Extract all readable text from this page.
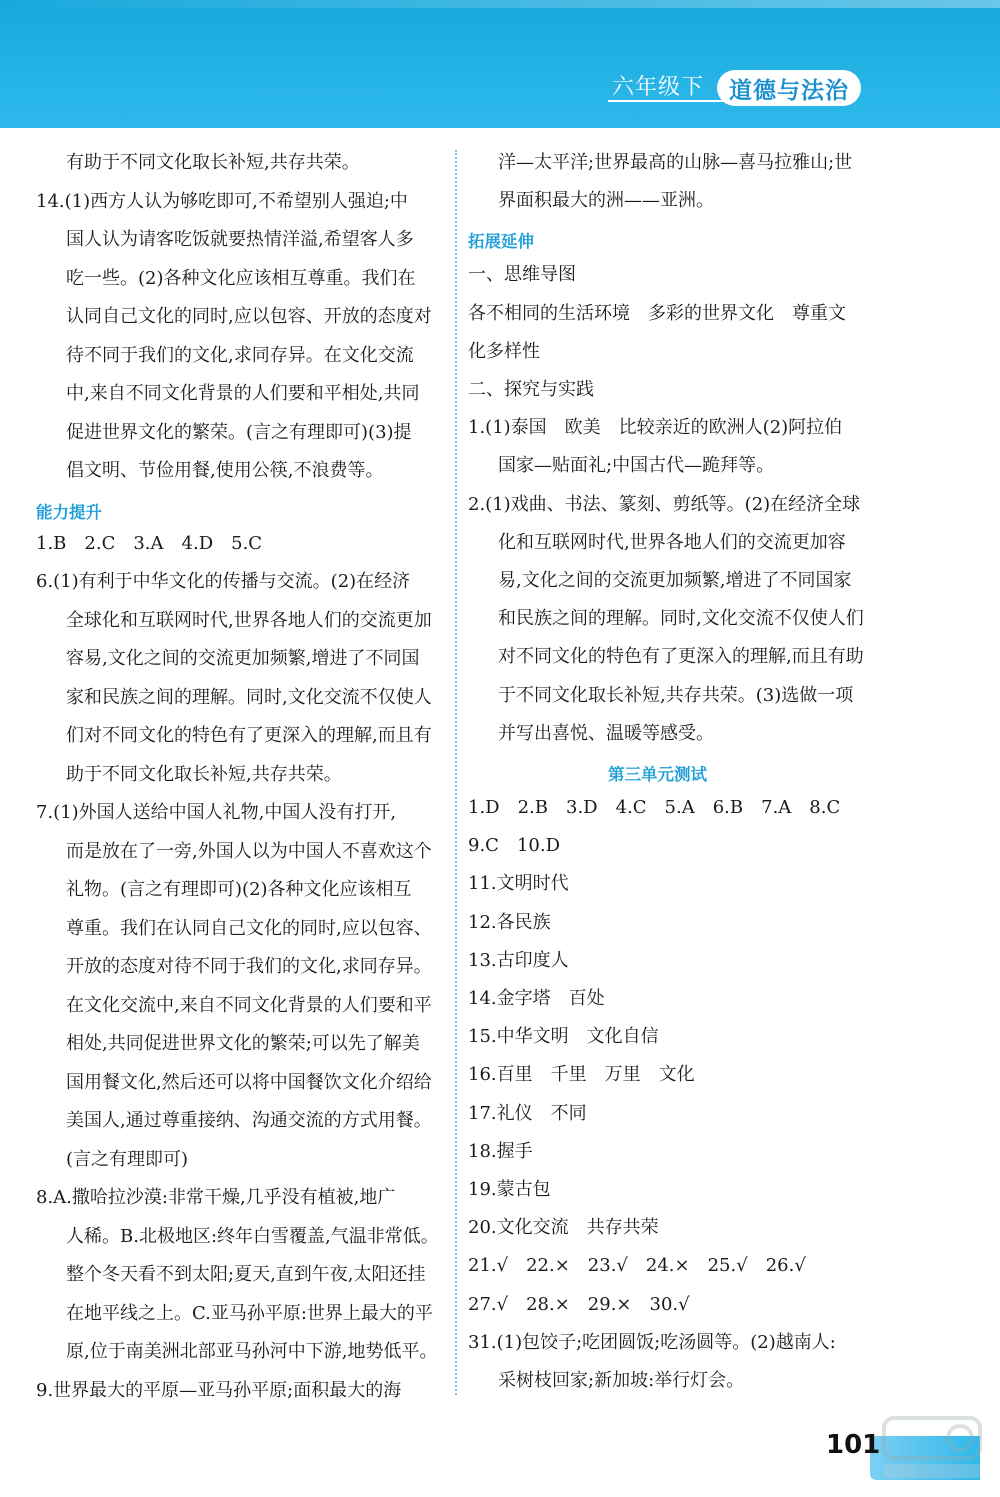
六年级下 道德与法治
有助于不同文化取长补短,共存共荣。
14.(1)西方人认为够吃即可,不希望别人强迫;中
国人认为请客吃饭就要热情洋溢,希望客人多
吃一些。(2)各种文化应该相互尊重。我们在
认同自己文化的同时,应以包容、开放的态度对
待不同于我们的文化,求同存异。在文化交流
中,来自不同文化背景的人们要和平相处,共同
促进世界文化的繁荣。(言之有理即可)(3)提
倡文明、节俭用餐,使用公筷,不浪费等。
能力提升
1.B　2.C　3.A　4.D　5.C
6.(1)有利于中华文化的传播与交流。(2)在经济
全球化和互联网时代,世界各地人们的交流更加
容易,文化之间的交流更加频繁,增进了不同国
家和民族之间的理解。同时,文化交流不仅使人
们对不同文化的特色有了更深入的理解,而且有
助于不同文化取长补短,共存共荣。
7.(1)外国人送给中国人礼物,中国人没有打开,
而是放在了一旁,外国人以为中国人不喜欢这个
礼物。(言之有理即可)(2)各种文化应该相互
尊重。我们在认同自己文化的同时,应以包容、
开放的态度对待不同于我们的文化,求同存异。
在文化交流中,来自不同文化背景的人们要和平
相处,共同促进世界文化的繁荣;可以先了解美
国用餐文化,然后还可以将中国餐饮文化介绍给
美国人,通过尊重接纳、沟通交流的方式用餐。
(言之有理即可)
8.A.撒哈拉沙漠:非常干燥,几乎没有植被,地广
人稀。B.北极地区:终年白雪覆盖,气温非常低。
整个冬天看不到太阳;夏天,直到午夜,太阳还挂
在地平线之上。C.亚马孙平原:世界上最大的平
原,位于南美洲北部亚马孙河中下游,地势低平。
9.世界最大的平原—亚马孙平原;面积最大的海
洋—太平洋;世界最高的山脉—喜马拉雅山;世
界面积最大的洲——亚洲。
拓展延伸
一、思维导图
各不相同的生活环境　多彩的世界文化　尊重文
化多样性
二、探究与实践
1.(1)泰国　欧美　比较亲近的欧洲人(2)阿拉伯
国家—贴面礼;中国古代—跪拜等。
2.(1)戏曲、书法、篆刻、剪纸等。(2)在经济全球
化和互联网时代,世界各地人们的交流更加容
易,文化之间的交流更加频繁,增进了不同国家
和民族之间的理解。同时,文化交流不仅使人们
对不同文化的特色有了更深入的理解,而且有助
于不同文化取长补短,共存共荣。(3)选做一项
并写出喜悦、温暖等感受。
第三单元测试
1.D　2.B　3.D　4.C　5.A　6.B　7.A　8.C
9.C　10.D
11.文明时代
12.各民族
13.古印度人
14.金字塔　百处
15.中华文明　文化自信
16.百里　千里　万里　文化
17.礼仪　不同
18.握手
19.蒙古包
20.文化交流　共存共荣
21.√　22.×　23.√　24.×　25.√　26.√
27.√　28.×　29.×　30.√
31.(1)包饺子;吃团圆饭;吃汤圆等。(2)越南人:
采树枝回家;新加坡:举行灯会。
101
